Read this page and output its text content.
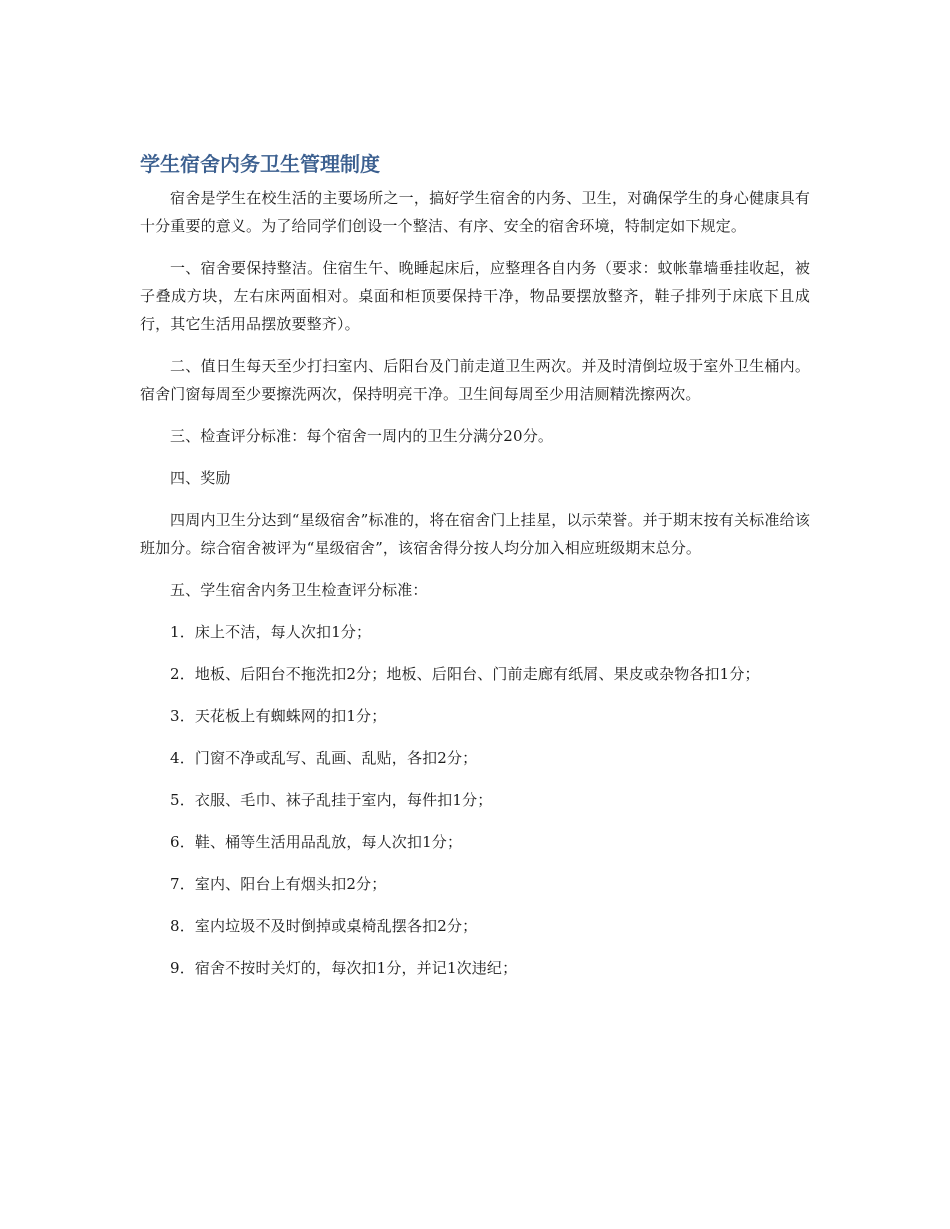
学生宿舍内务卫生管理制度

宿舍是学生在校生活的主要场所之一，搞好学生宿舍的内务、卫生，对确保学生的身心健康具有十分重要的意义。为了给同学们创设一个整洁、有序、安全的宿舍环境，特制定如下规定。

一、宿舍要保持整洁。住宿生午、晚睡起床后，应整理各自内务（要求：蚊帐靠墙垂挂收起，被子叠成方块，左右床两面相对。桌面和柜顶要保持干净，物品要摆放整齐，鞋子排列于床底下且成行，其它生活用品摆放要整齐）。

二、值日生每天至少打扫室内、后阳台及门前走道卫生两次。并及时清倒垃圾于室外卫生桶内。宿舍门窗每周至少要擦洗两次，保持明亮干净。卫生间每周至少用洁厕精洗擦两次。

三、检查评分标准：每个宿舍一周内的卫生分满分20分。

四、奖励

四周内卫生分达到“星级宿舍”标准的，将在宿舍门上挂星，以示荣誉。并于期末按有关标准给该班加分。综合宿舍被评为“星级宿舍”，该宿舍得分按人均分加入相应班级期末总分。

五、学生宿舍内务卫生检查评分标准：

1．床上不洁，每人次扣1分；

2．地板、后阳台不拖洗扣2分；地板、后阳台、门前走廊有纸屑、果皮或杂物各扣1分；

3．天花板上有蜘蛛网的扣1分；

4．门窗不净或乱写、乱画、乱贴，各扣2分；

5．衣服、毛巾、袜子乱挂于室内，每件扣1分；

6．鞋、桶等生活用品乱放，每人次扣1分；

7．室内、阳台上有烟头扣2分；

8．室内垃圾不及时倒掉或桌椅乱摆各扣2分；

9．宿舍不按时关灯的，每次扣1分，并记1次违纪；
